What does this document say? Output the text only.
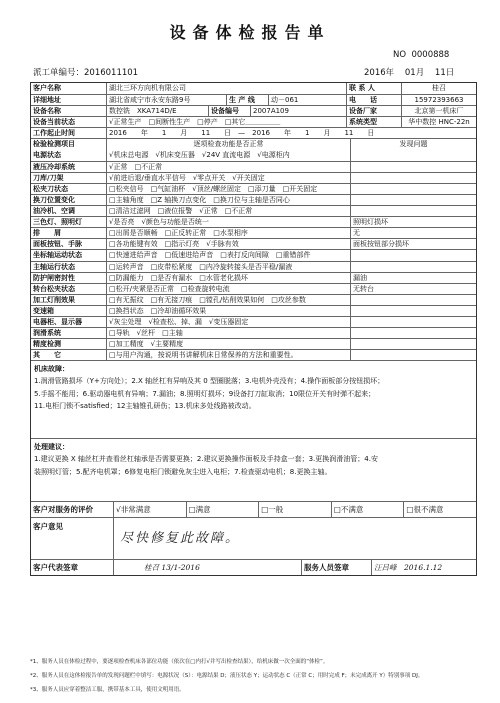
设备体检报告单
NO 0000888
派工单编号：2016011101	2016年 01月 11日
客户名称	湖北三环方向机有限公司	联 系 人	桂召
详细地址	湖北省咸宁市永安东路9号	生 产 线	动－061	电　　话	15972393663
设备名称	数控铣　XKA714D/E	设备编号	2007A109	设备厂家	北京第一机床厂
设备当前状态	√正常生产　□间断性生产　□停产　□其它＿＿＿＿＿	系统类型	华中数控 HNC-22n
工作起止时间	2016　　年　　1　　月　　11　　日　—　2016　　年　　1　　月　　11　　日
检验检测项目	逐项检查功能是否正常	发现问题
电源状态	√机床总电源　√机床变压器　√24V 直流电源　√电源柜内
液压冷却系统	√正常　□不正常
刀库/刀架	√前进后退/垂直水平信号　√零点开关　√开关固定
松夹刀状态	□松夹信号　□气缸油杯　√顶丝/螺丝固定　□添刀量　□开关固定
换刀位置变化	□主轴角度　□Z 轴换刀点变化　□换刀位与主轴是否同心
油冷机、空调	□清洁过滤网　□液位报警　√正常　□不正常
三色灯、照明灯	√是否亮　√颜色与功能是否统一	照明灯损坏
排　　屑	□出屑是否顺畅　□正反转正常　□水泵相序	无
面板按钮、手脉	□各功能键有效　□指示灯亮　√手脉有效	面板按钮部分损坏
坐标轴运动状态	□快速进给声音　□低速进给声音　□表打反向间隙　□重错部件
主轴运行状态	□运转声音　□皮带松紧度　□内冷旋转接头是否平稳/漏液
防护闸密封性	□防漏能力　□是否有漏水　□水管老化损坏	漏油
转台松夹状态	□松开/夹紧是否正常　□检查旋转电流	无转台
加工灯削效果	□有无振纹　□有无接刀痕　□镗孔/钻削效果如何　□攻丝参数
变速箱	□换挡状态　□冷却油循环效果
电器柜、显示器	√灰尘处理　√检查松、掉、漏　√变压器固定
润滑系统	□导轨　√丝杆　□主轴
精度检测	□加工精度　√主要精度
其　　它	□与用户沟通，按说明书讲解机床日常保养的方法和重要性。
机床故障：
1.润滑管路损坏（Y+方向处）；2.X 轴丝杠有异响及其 0 型圈脱落；3.电机外壳没有；4.操作面板部分按钮损坏；
5.手摇不能用；6.驱动器电机有异响；7.漏油；8.照明灯损坏；9设备打刀缸取消；10限位开关有时弹不起来；
11.电柜门锁不satisfied；12主轴锥孔研伤；13.机床多处线路被改动。
处理建议：
1.建议更换 X 轴丝杠并查看丝杠轴承是否需要更换；2.建议更换操作面板及手持盒一套；3.更换润滑油管；4.安
装照明灯管；5.配齐电机罩；6修复电柜门锁避免灰尘进入电柜；7.检查驱动电机；8.更换主轴。
客户对服务的评价	√非常满意	□满意	□一般	□不满意	□很不满意
客户意见
尽快修复此故障。
客户代表签章	桂召 13/1-2016	服务人员签章	汪吕峰　2016.1.12
*1、服务人员在体检过程中，要逐项检查机床各部位功能（依次在□内打√并写出检查结果），给机床做一次全面的“体检”。
*2、服务人员在这体检报告单的发现问题栏中填写：电源状况（S）：电源结果 D；液压状态 Y；运动状态 C（正常 C；用时完成 F；未完成离开 Y）特别事项 DJ。
*3、服务人员应穿着整洁工服，携带基本工具，使用文明用语。
